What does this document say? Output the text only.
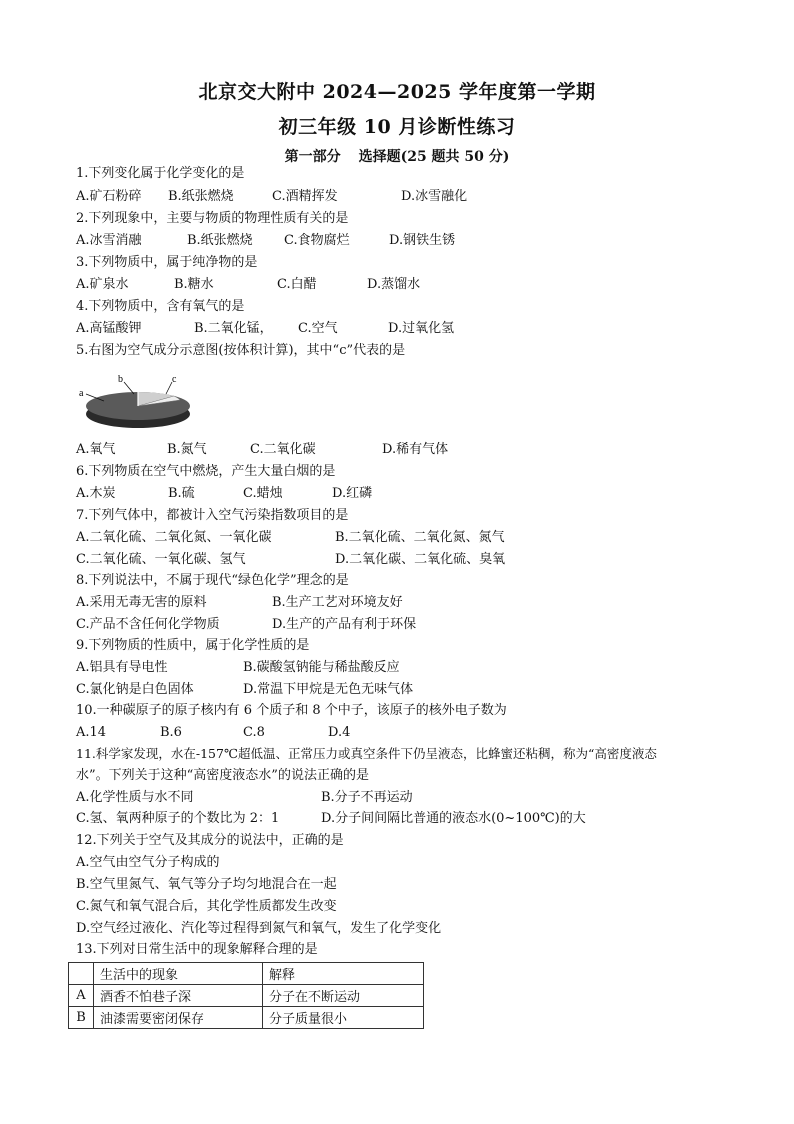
北京交大附中 2024—2025 学年度第一学期
初三年级 10 月诊断性练习
第一部分 选择题(25 题共 50 分)
1.下列变化属于化学变化的是
A.矿石粉碎 B.纸张燃烧	C.酒精挥发	D.冰雪融化
2.下列现象中，主要与物质的物理性质有关的是
A.冰雪消融	B.纸张燃烧 C.食物腐烂	D.钢铁生锈
3.下列物质中，属于纯净物的是
A.矿泉水	B.糖水	C.白醋	D.蒸馏水
4.下列物质中，含有氧气的是
A.高锰酸钾	B.二氧化锰， C.空气	D.过氧化氢
5.右图为空气成分示意图(按体积计算)，其中“c”代表的是
a
b	c
A.氧气	B.氮气	C.二氧化碳	D.稀有气体
6.下列物质在空气中燃烧，产生大量白烟的是
A.木炭	B.硫	C.蜡烛	D.红磷
7.下列气体中，都被计入空气污染指数项目的是
A.二氧化硫、二氧化氮、一氧化碳	B.二氧化硫、二氧化氮、氮气
C.二氧化硫、一氧化碳、氢气	D.二氧化碳、二氧化硫、臭氧
8.下列说法中，不属于现代“绿色化学”理念的是
A.采用无毒无害的原料	B.生产工艺对环境友好
C.产品不含任何化学物质	D.生产的产品有利于环保
9.下列物质的性质中，属于化学性质的是
A.铝具有导电性	B.碳酸氢钠能与稀盐酸反应
C.氯化钠是白色固体	D.常温下甲烷是无色无味气体
10.一种碳原子的原子核内有 6 个质子和 8 个中子，该原子的核外电子数为
A.14	B.6	C.8	D.4
11.科学家发现，水在-157℃超低温、正常压力或真空条件下仍呈液态，比蜂蜜还粘稠，称为“高密度液态
水”。下列关于这种“高密度液态水”的说法正确的是
A.化学性质与水不同	B.分子不再运动
C.氢、氧两种原子的个数比为 2：1	D.分子间间隔比普通的液态水(0~100℃)的大
12.下列关于空气及其成分的说法中，正确的是
A.空气由空气分子构成的
B.空气里氮气、氧气等分子均匀地混合在一起
C.氮气和氧气混合后，其化学性质都发生改变
D.空气经过液化、汽化等过程得到氮气和氧气，发生了化学变化
13.下列对日常生活中的现象解释合理的是
	生活中的现象	解释
A	酒香不怕巷子深	分子在不断运动
B	油漆需要密闭保存	分子质量很小
